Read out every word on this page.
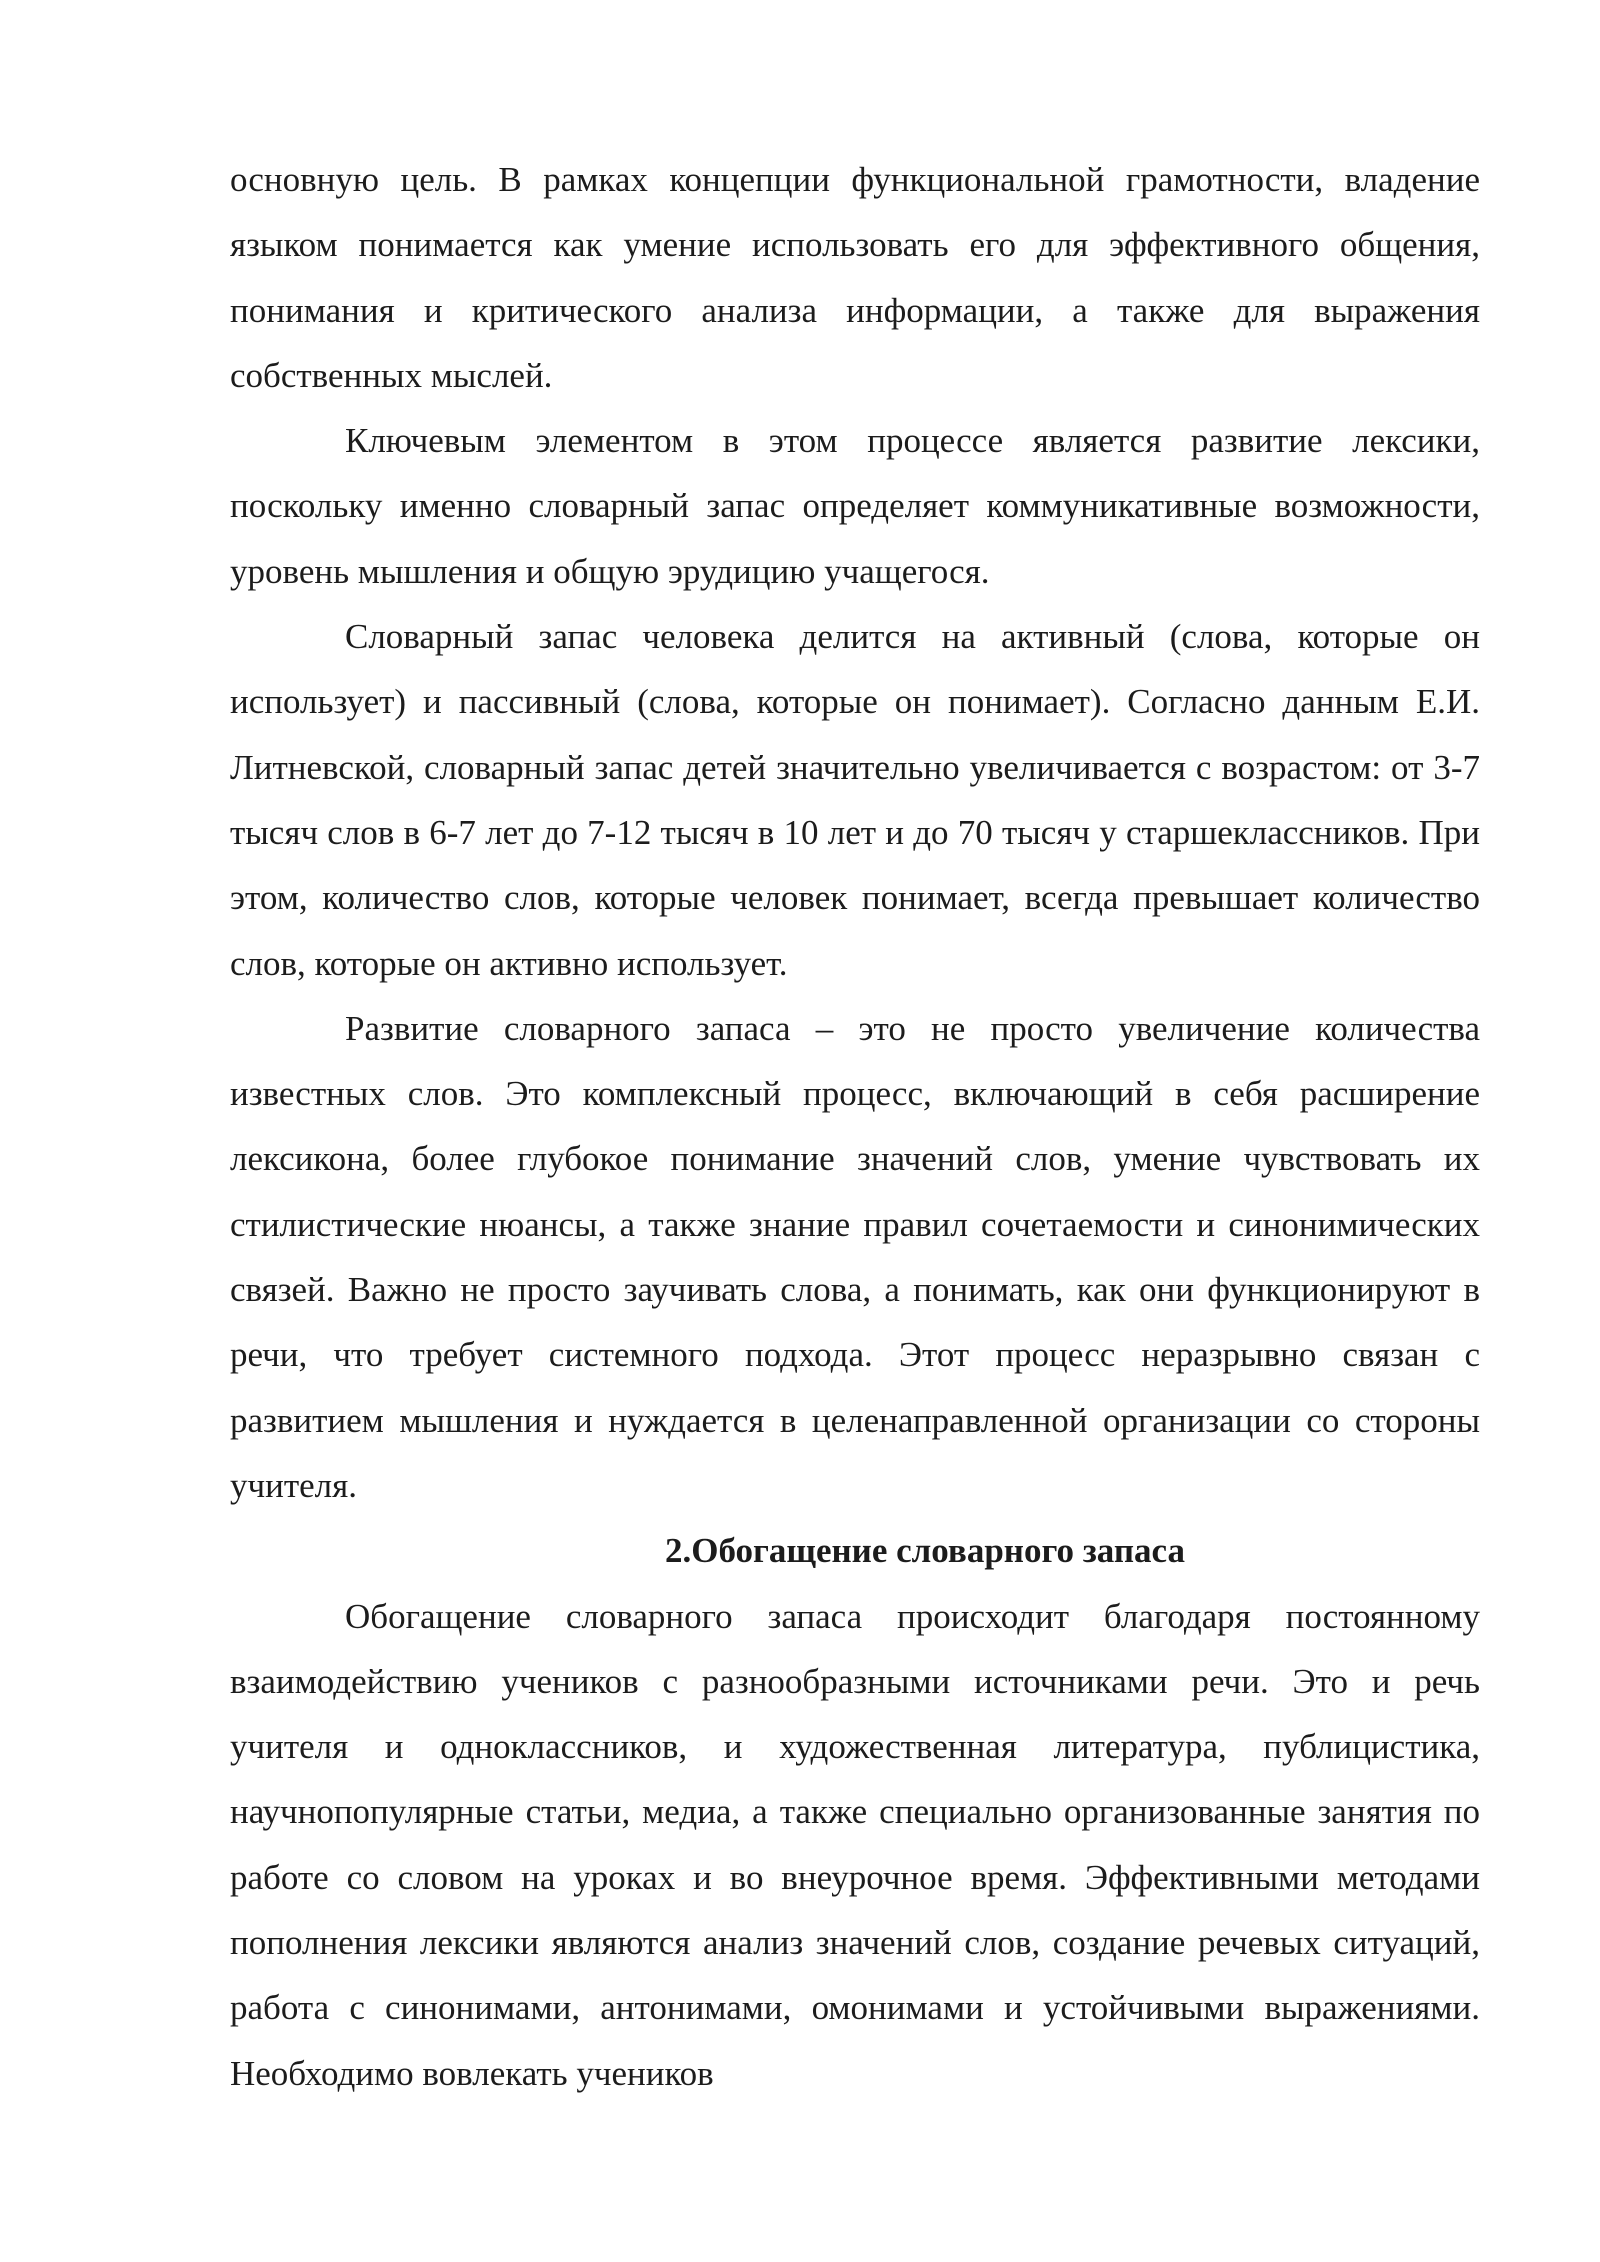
основную цель. В рамках концепции функциональной грамотности, владение языком понимается как умение использовать его для эффективного общения, понимания и критического анализа информации, а также для выражения собственных мыслей.

Ключевым элементом в этом процессе является развитие лексики, поскольку именно словарный запас определяет коммуникативные возможности, уровень мышления и общую эрудицию учащегося.

Словарный запас человека делится на активный (слова, которые он использует) и пассивный (слова, которые он понимает). Согласно данным Е.И. Литневской, словарный запас детей значительно увеличивается с возрастом: от 3-7 тысяч слов в 6-7 лет до 7-12 тысяч в 10 лет и до 70 тысяч у старшеклассников. При этом, количество слов, которые человек понимает, всегда превышает количество слов, которые он активно использует.

Развитие словарного запаса – это не просто увеличение количества известных слов. Это комплексный процесс, включающий в себя расширение лексикона, более глубокое понимание значений слов, умение чувствовать их стилистические нюансы, а также знание правил сочетаемости и синонимических связей. Важно не просто заучивать слова, а понимать, как они функционируют в речи, что требует системного подхода. Этот процесс неразрывно связан с развитием мышления и нуждается в целенаправленной организации со стороны учителя.

2.Обогащение словарного запаса

Обогащение словарного запаса происходит благодаря постоянному взаимодействию учеников с разнообразными источниками речи. Это и речь учителя и одноклассников, и художественная литература, публицистика, научнопопулярные статьи, медиа, а также специально организованные занятия по работе со словом на уроках и во внеурочное время. Эффективными методами пополнения лексики являются анализ значений слов, создание речевых ситуаций, работа с синонимами, антонимами, омонимами и устойчивыми выражениями. Необходимо вовлекать учеников
